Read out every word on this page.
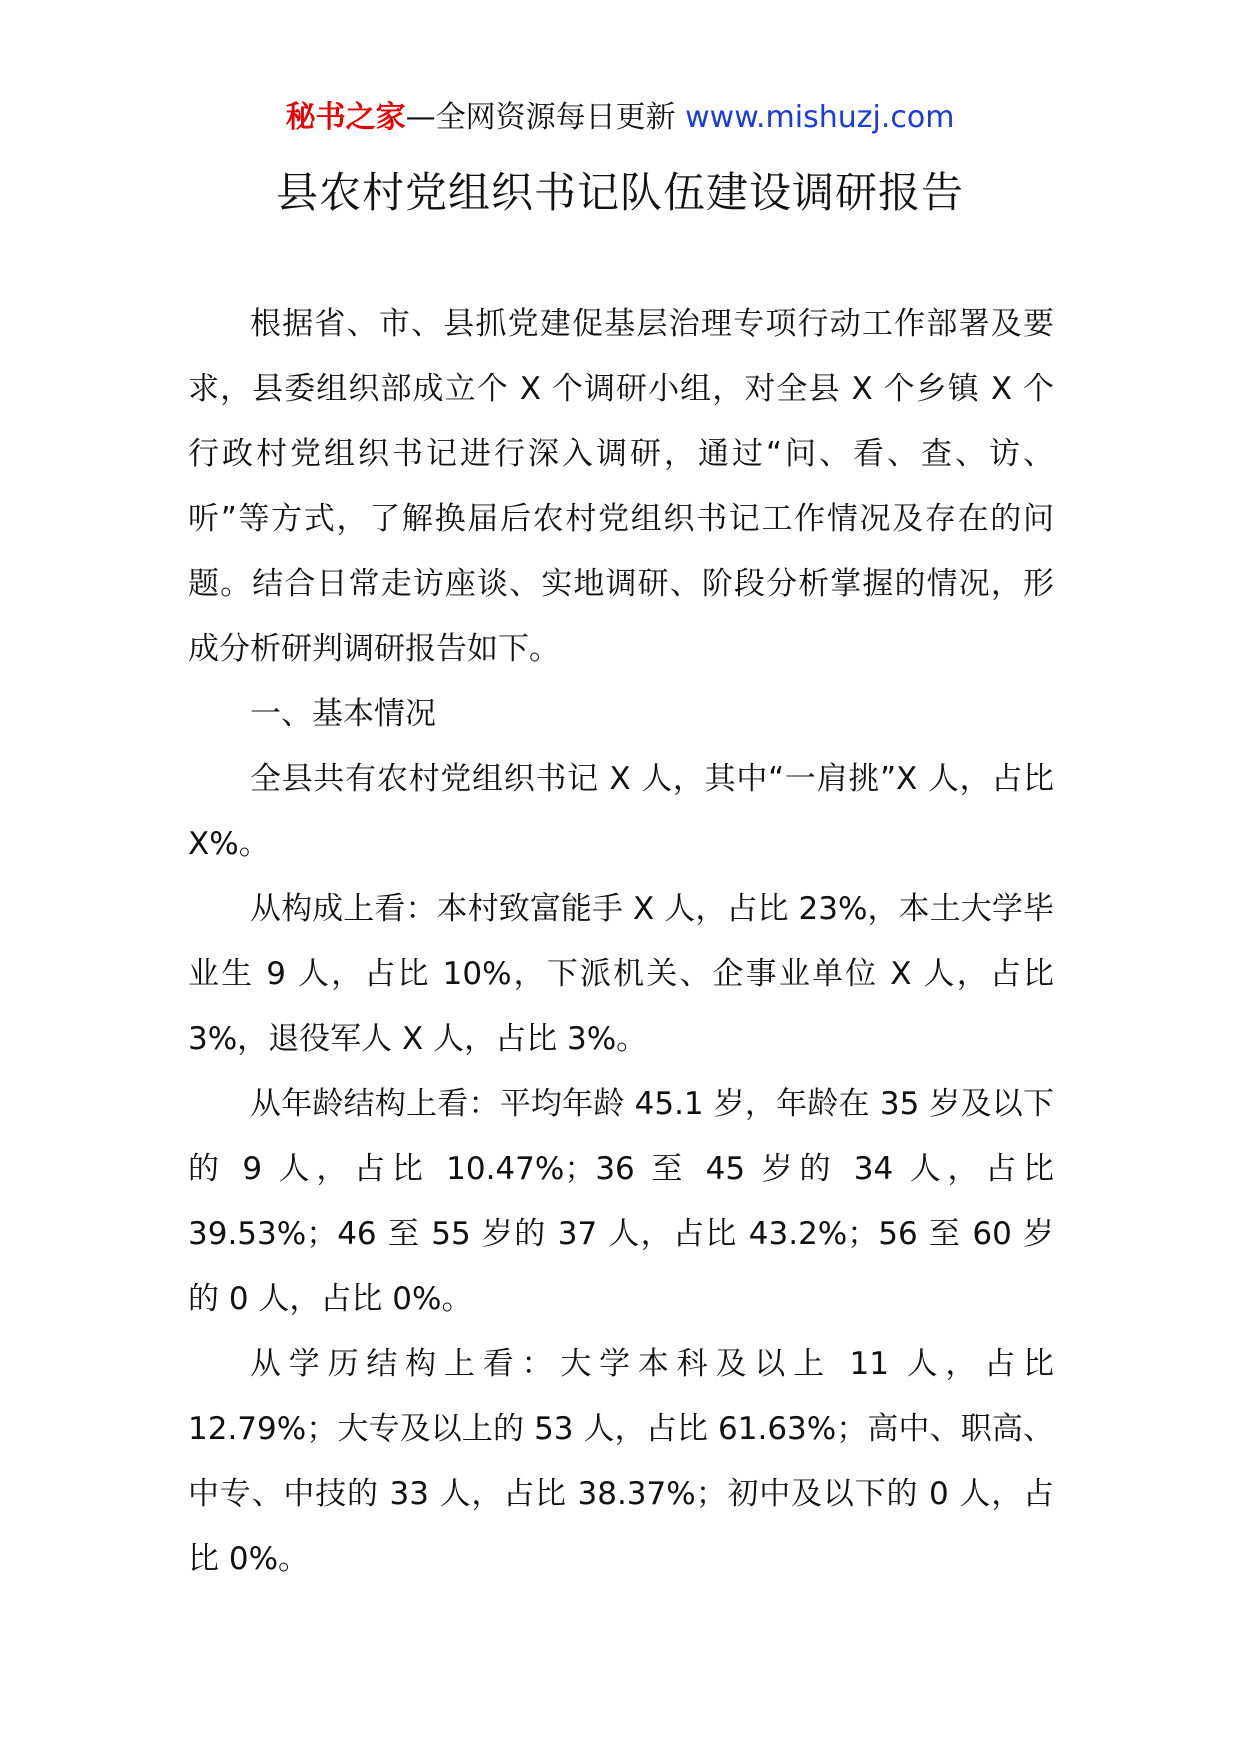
秘书之家—全网资源每日更新 www.mishuzj.com
县农村党组织书记队伍建设调研报告

根据省、市、县抓党建促基层治理专项行动工作部署及要求，县委组织部成立个 X 个调研小组，对全县 X 个乡镇 X 个行政村党组织书记进行深入调研，通过“问、看、查、访、听”等方式，了解换届后农村党组织书记工作情况及存在的问题。结合日常走访座谈、实地调研、阶段分析掌握的情况，形成分析研判调研报告如下。

一、基本情况

全县共有农村党组织书记 X 人，其中“一肩挑”X 人，占比 X%。

从构成上看：本村致富能手 X 人，占比 23%，本土大学毕业生 9 人，占比 10%，下派机关、企事业单位 X 人，占比 3%，退役军人 X 人，占比 3%。

从年龄结构上看：平均年龄 45.1 岁，年龄在 35 岁及以下的 9 人，占比 10.47%；36 至 45 岁的 34 人，占比 39.53%；46 至 55 岁的 37 人，占比 43.2%；56 至 60 岁的 0 人，占比 0%。

从学历结构上看：大学本科及以上 11 人，占比 12.79%；大专及以上的 53 人，占比 61.63%；高中、职高、中专、中技的 33 人，占比 38.37%；初中及以下的 0 人，占比 0%。
